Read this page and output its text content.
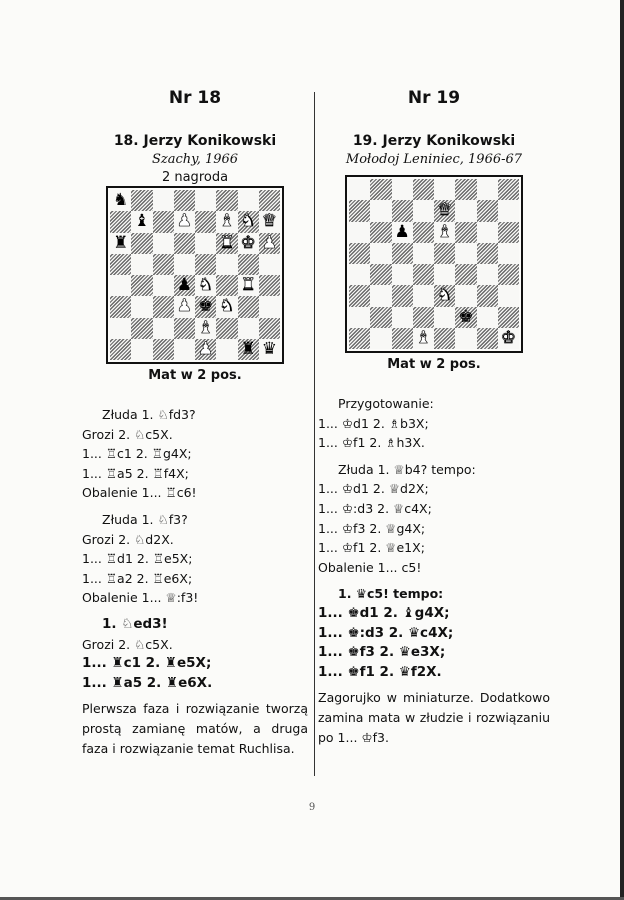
Nr 18

18. Jerzy Konikowski

Szachy, 1966

2 nagroda

♞
♝ ♟ ♝ ♞ ♛
♜	♜ ♚ ♟
♟ ♞ ♜
♟ ♚ ♞
♝
♟ ♜ ♛
Mat w 2 pos.

Złuda 1. ♘fd3?

Grozi 2. ♘c5X.

1... ♖c1 2. ♖g4X;

1... ♖a5 2. ♖f4X;

Obalenie 1... ♖c6!

Złuda 1. ♘f3?

Grozi 2. ♘d2X.

1... ♖d1 2. ♖e5X;

1... ♖a2 2. ♖e6X;

Obalenie 1... ♕:f3!

1. ♘ed3!

Grozi 2. ♘c5X.

1... ♜c1 2. ♜e5X;

1... ♜a5 2. ♜e6X.

Plerwsza faza i rozwiązanie tworzą prostą zamianę matów, a druga faza i rozwiązanie temat Ruchlisa.

Nr 19

19. Jerzy Konikowski

Mołodoj Leniniec, 1966-67

♛
♟ ♝
♞
♚
♝	♚
Mat w 2 pos.

Przygotowanie:

1... ♔d1 2. ♗b3X;

1... ♔f1 2. ♗h3X.

Złuda 1. ♕b4? tempo:

1... ♔d1 2. ♕d2X;

1... ♔:d3 2. ♕c4X;

1... ♔f3 2. ♕g4X;

1... ♔f1 2. ♕e1X;

Obalenie 1... c5!

1. ♛c5! tempo:

1... ♚d1 2. ♝g4X;

1... ♚:d3 2. ♛c4X;

1... ♚f3 2. ♛e3X;

1... ♚f1 2. ♛f2X.

Zagorujko w miniaturze. Dodatkowo zamina mata w złudzie i rozwiązaniu po 1... ♔f3.

9
